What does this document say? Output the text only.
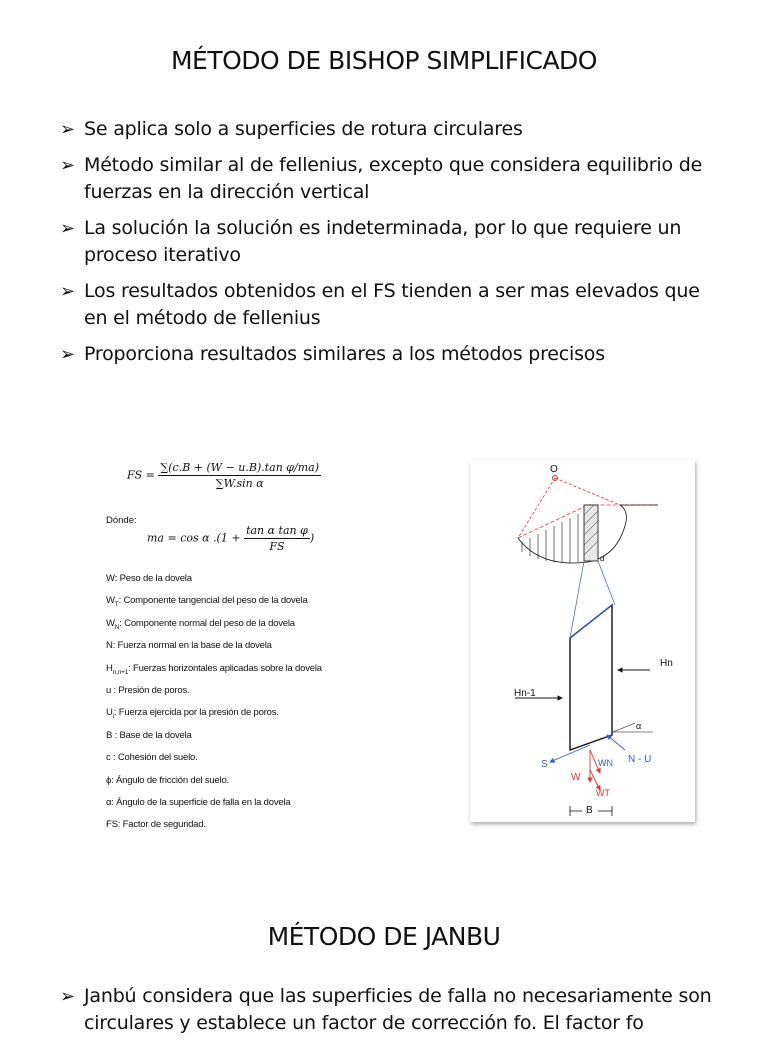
MÉTODO DE BISHOP SIMPLIFICADO
➢ Se aplica solo a superficies de rotura circulares
➢ Método similar al de fellenius, excepto que considera equilibrio de fuerzas en la dirección vertical
➢ La solución la solución es indeterminada, por lo que requiere un proceso iterativo
➢ Los resultados obtenidos en el FS tienden a ser mas elevados que en el método de fellenius
➢ Proporciona resultados similares a los métodos precisos
FS = $\frac{\text{∑(c.B + (W − u.B).tan φ/ma)}}{\text{∑W.sin α}}$
Dónde:
ma = cos α $.(1 + \frac{\text{tan α tan φ}}{FS}$ )
W: Peso de la dovela
$W_T$: Componente tangencial del peso de la dovela
$W_N$: Componente normal del peso de la dovela
N: Fuerza normal en la base de la dovela
$H_{n,n+1}$: Fuerzas horizontales aplicadas sobre la dovela
u : Presión de poros.
$U_i$: Fuerza ejercida por la presión de poros.
B : Base de la dovela
c : Cohesión del suelo.
ϕ: Ángulo de fricción del suelo.
α: Ángulo de la superficie de falla en la dovela
FS: Factor de seguridad.
O
α
Hn
Hn-1
α
S	WN N - U
W
WT
B
MÉTODO DE JANBU
➢ Janbú considera que las superficies de falla no necesariamente son circulares y establece un factor de corrección fo. El factor fo
